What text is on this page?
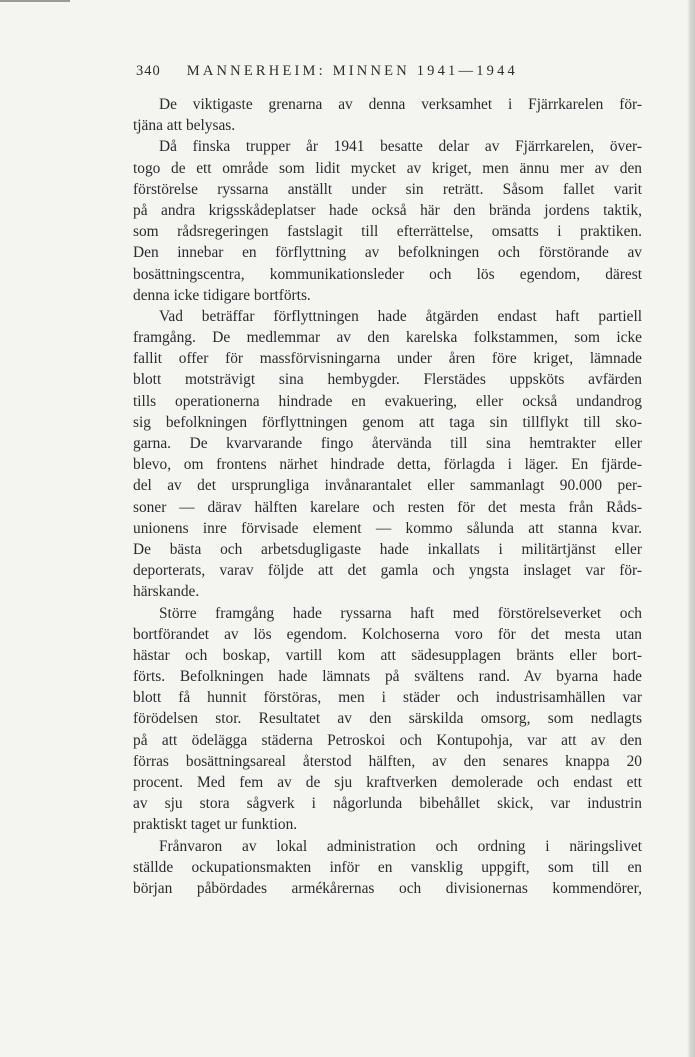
340 MANNERHEIM: MINNEN 1941—1944
De viktigaste grenarna av denna verksamhet i Fjärrkarelen för-
tjäna att belysas.
Då finska trupper år 1941 besatte delar av Fjärrkarelen, över-
togo de ett område som lidit mycket av kriget, men ännu mer av den
förstörelse ryssarna anställt under sin reträtt. Såsom fallet varit
på andra krigsskådeplatser hade också här den brända jordens taktik,
som rådsregeringen fastslagit till efterrättelse, omsatts i praktiken.
Den innebar en förflyttning av befolkningen och förstörande av
bosättningscentra, kommunikationsleder och lös egendom, därest
denna icke tidigare bortförts.
Vad beträffar förflyttningen hade åtgärden endast haft partiell
framgång. De medlemmar av den karelska folkstammen, som icke
fallit offer för massförvisningarna under åren före kriget, lämnade
blott motsträvigt sina hembygder. Flerstädes uppsköts avfärden
tills operationerna hindrade en evakuering, eller också undandrog
sig befolkningen förflyttningen genom att taga sin tillflykt till sko-
garna. De kvarvarande fingo återvända till sina hemtrakter eller
blevo, om frontens närhet hindrade detta, förlagda i läger. En fjärde-
del av det ursprungliga invånarantalet eller sammanlagt 90.000 per-
soner — därav hälften karelare och resten för det mesta från Råds-
unionens inre förvisade element — kommo sålunda att stanna kvar.
De bästa och arbetsdugligaste hade inkallats i militärtjänst eller
deporterats, varav följde att det gamla och yngsta inslaget var för-
härskande.
Större framgång hade ryssarna haft med förstörelseverket och
bortförandet av lös egendom. Kolchoserna voro för det mesta utan
hästar och boskap, vartill kom att sädesupplagen bränts eller bort-
förts. Befolkningen hade lämnats på svältens rand. Av byarna hade
blott få hunnit förstöras, men i städer och industrisamhällen var
förödelsen stor. Resultatet av den särskilda omsorg, som nedlagts
på att ödelägga städerna Petroskoi och Kontupohja, var att av den
förras bosättningsareal återstod hälften, av den senares knappa 20
procent. Med fem av de sju kraftverken demolerade och endast ett
av sju stora sågverk i någorlunda bibehållet skick, var industrin
praktiskt taget ur funktion.
Frånvaron av lokal administration och ordning i näringslivet
ställde ockupationsmakten inför en vansklig uppgift, som till en
början påbördades armékårernas och divisionernas kommendörer,
